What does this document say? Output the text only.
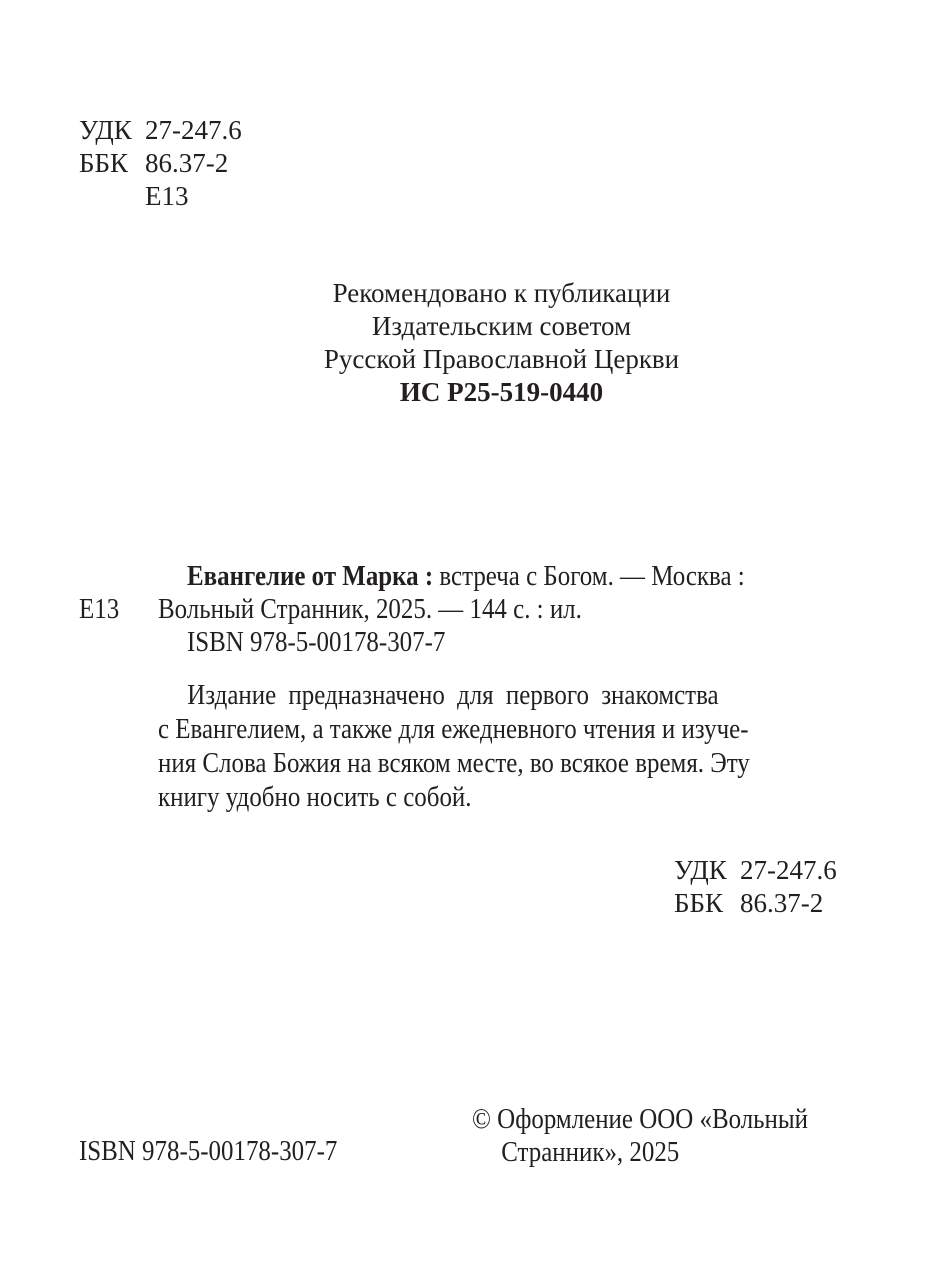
УДК 27-247.6
ББК 86.37-2
Е13
Рекомендовано к публикации
Издательским советом
Русской Православной Церкви
ИС Р25-519-0440
Евангелие от Марка : встреча с Богом. — Москва :
Е13 Вольный Странник, 2025. — 144 с. : ил.
ISBN 978-5-00178-307-7
Издание предназначено для первого знакомства
с Евангелием, а также для ежедневного чтения и изуче-
ния Слова Божия на всяком месте, во всякое время. Эту
книгу удобно носить с собой.
УДК 27-247.6
ББК 86.37-2
ISBN 978-5-00178-307-7
© Оформление ООО «Вольный
Странник», 2025
